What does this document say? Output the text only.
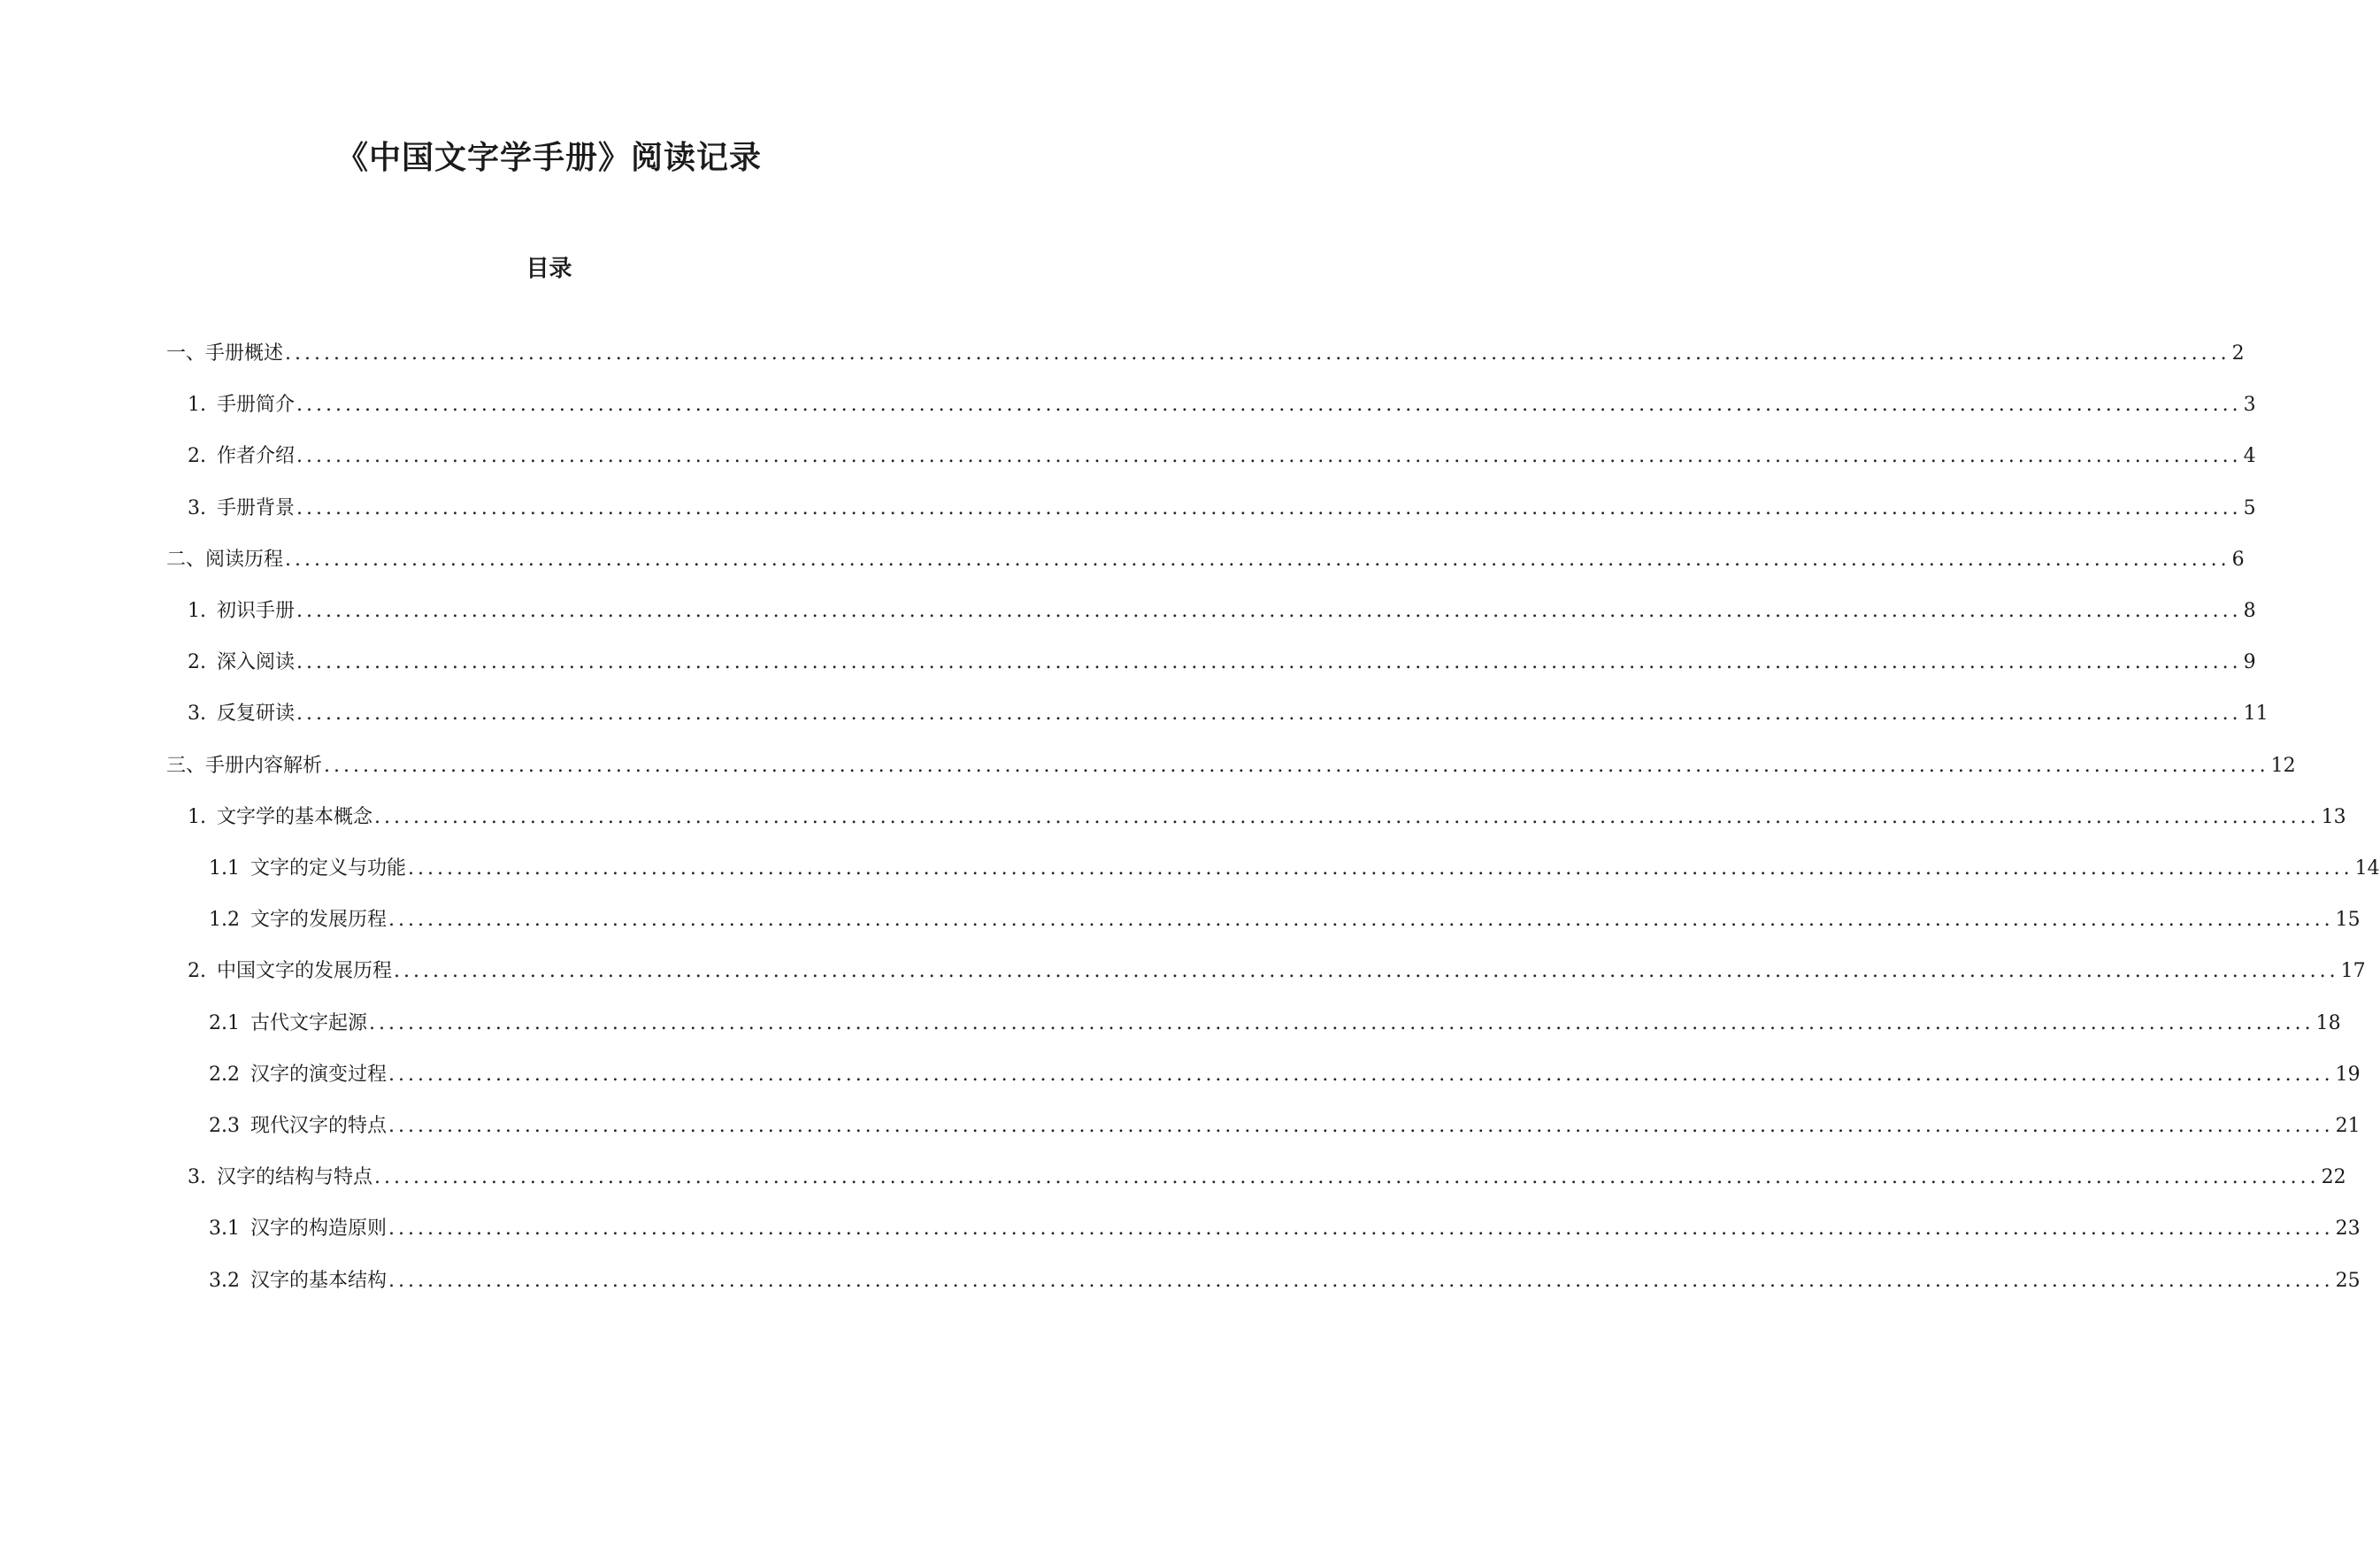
《中国文字学手册》阅读记录
目录
一、 手册概述 ........................................................................................................................................................................................................ 2
1. 手册简介 ........................................................................................................................................................................................................ 3
2. 作者介绍 ........................................................................................................................................................................................................ 4
3. 手册背景 ........................................................................................................................................................................................................ 5
二、 阅读历程 ........................................................................................................................................................................................................ 6
1. 初识手册 ........................................................................................................................................................................................................ 8
2. 深入阅读 ........................................................................................................................................................................................................ 9
3. 反复研读 ........................................................................................................................................................................................................ 11
三、 手册内容解析 ........................................................................................................................................................................................................ 12
1. 文字学的基本概念 ........................................................................................................................................................................................................ 13
1.1 文字的定义与功能 ........................................................................................................................................................................................................ 14
1.2 文字的发展历程 ........................................................................................................................................................................................................ 15
2. 中国文字的发展历程 ........................................................................................................................................................................................................ 17
2.1 古代文字起源 ........................................................................................................................................................................................................ 18
2.2 汉字的演变过程 ........................................................................................................................................................................................................ 19
2.3 现代汉字的特点 ........................................................................................................................................................................................................ 21
3. 汉字的结构与特点 ........................................................................................................................................................................................................ 22
3.1 汉字的构造原则 ........................................................................................................................................................................................................ 23
3.2 汉字的基本结构 ........................................................................................................................................................................................................ 25
